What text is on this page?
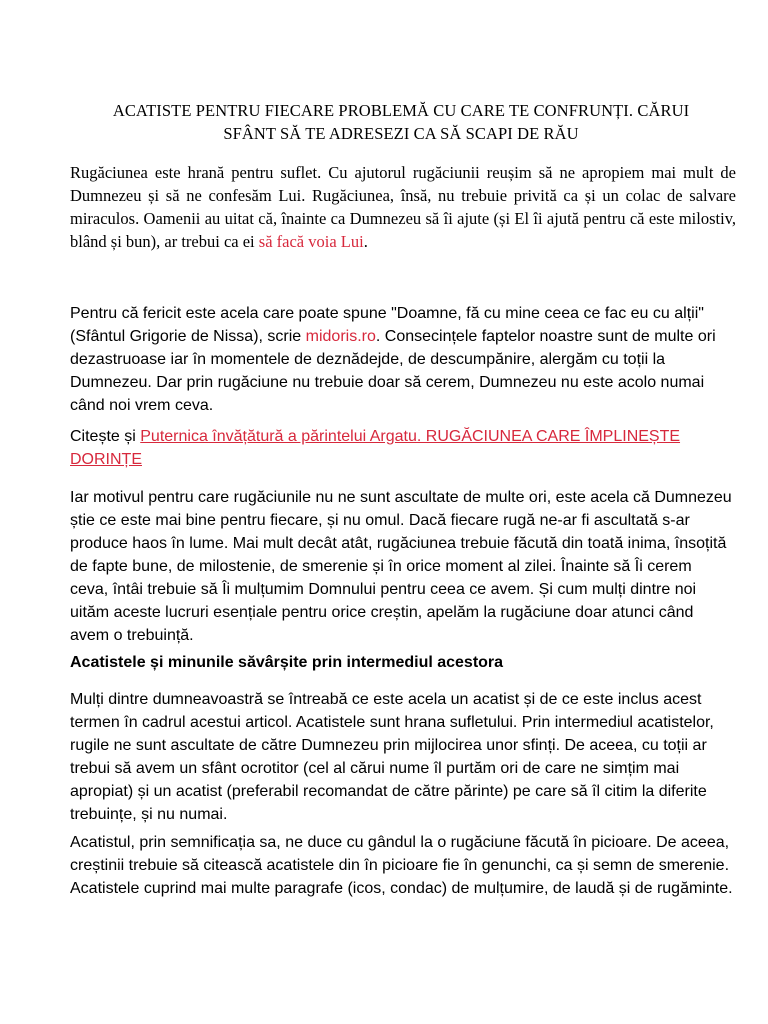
ACATISTE PENTRU FIECARE PROBLEMĂ CU CARE TE CONFRUNȚI. CĂRUI
SFÂNT SĂ TE ADRESEZI CA SĂ SCAPI DE RĂU

Rugăciunea este hrană pentru suflet. Cu ajutorul rugăciunii reușim să ne apropiem mai mult de Dumnezeu și să ne confesăm Lui. Rugăciunea, însă, nu trebuie privită ca și un colac de salvare miraculos. Oamenii au uitat că, înainte ca Dumnezeu să îi ajute (și El îi ajută pentru că este milostiv, blând și bun), ar trebui ca ei să facă voia Lui.

Pentru că fericit este acela care poate spune "Doamne, fă cu mine ceea ce fac eu cu alții" (Sfântul Grigorie de Nissa), scrie midoris.ro. Consecințele faptelor noastre sunt de multe ori dezastruoase iar în momentele de deznădejde, de descumpănire, alergăm cu toții la Dumnezeu. Dar prin rugăciune nu trebuie doar să cerem, Dumnezeu nu este acolo numai când noi vrem ceva.

Citește și Puternica învățătură a părintelui Argatu. RUGĂCIUNEA CARE ÎMPLINEȘTE DORINȚE

Iar motivul pentru care rugăciunile nu ne sunt ascultate de multe ori, este acela că Dumnezeu știe ce este mai bine pentru fiecare, și nu omul. Dacă fiecare rugă ne-ar fi ascultată s-ar produce haos în lume. Mai mult decât atât, rugăciunea trebuie făcută din toată inima, însoțită de fapte bune, de milostenie, de smerenie și în orice moment al zilei. Înainte să Îi cerem ceva, întâi trebuie să Îi mulțumim Domnului pentru ceea ce avem. Și cum mulți dintre noi uităm aceste lucruri esențiale pentru orice creștin, apelăm la rugăciune doar atunci când avem o trebuință.

Acatistele și minunile săvârșite prin intermediul acestora

Mulți dintre dumneavoastră se întreabă ce este acela un acatist și de ce este inclus acest termen în cadrul acestui articol. Acatistele sunt hrana sufletului. Prin intermediul acatistelor, rugile ne sunt ascultate de către Dumnezeu prin mijlocirea unor sfinți. De aceea, cu toții ar trebui să avem un sfânt ocrotitor (cel al cărui nume îl purtăm ori de care ne simțim mai apropiat) și un acatist (preferabil recomandat de către părinte) pe care să îl citim la diferite trebuințe, și nu numai.

Acatistul, prin semnificația sa, ne duce cu gândul la o rugăciune făcută în picioare. De aceea, creștinii trebuie să citească acatistele din în picioare fie în genunchi, ca și semn de smerenie. Acatistele cuprind mai multe paragrafe (icos, condac) de mulțumire, de laudă și de rugăminte.
